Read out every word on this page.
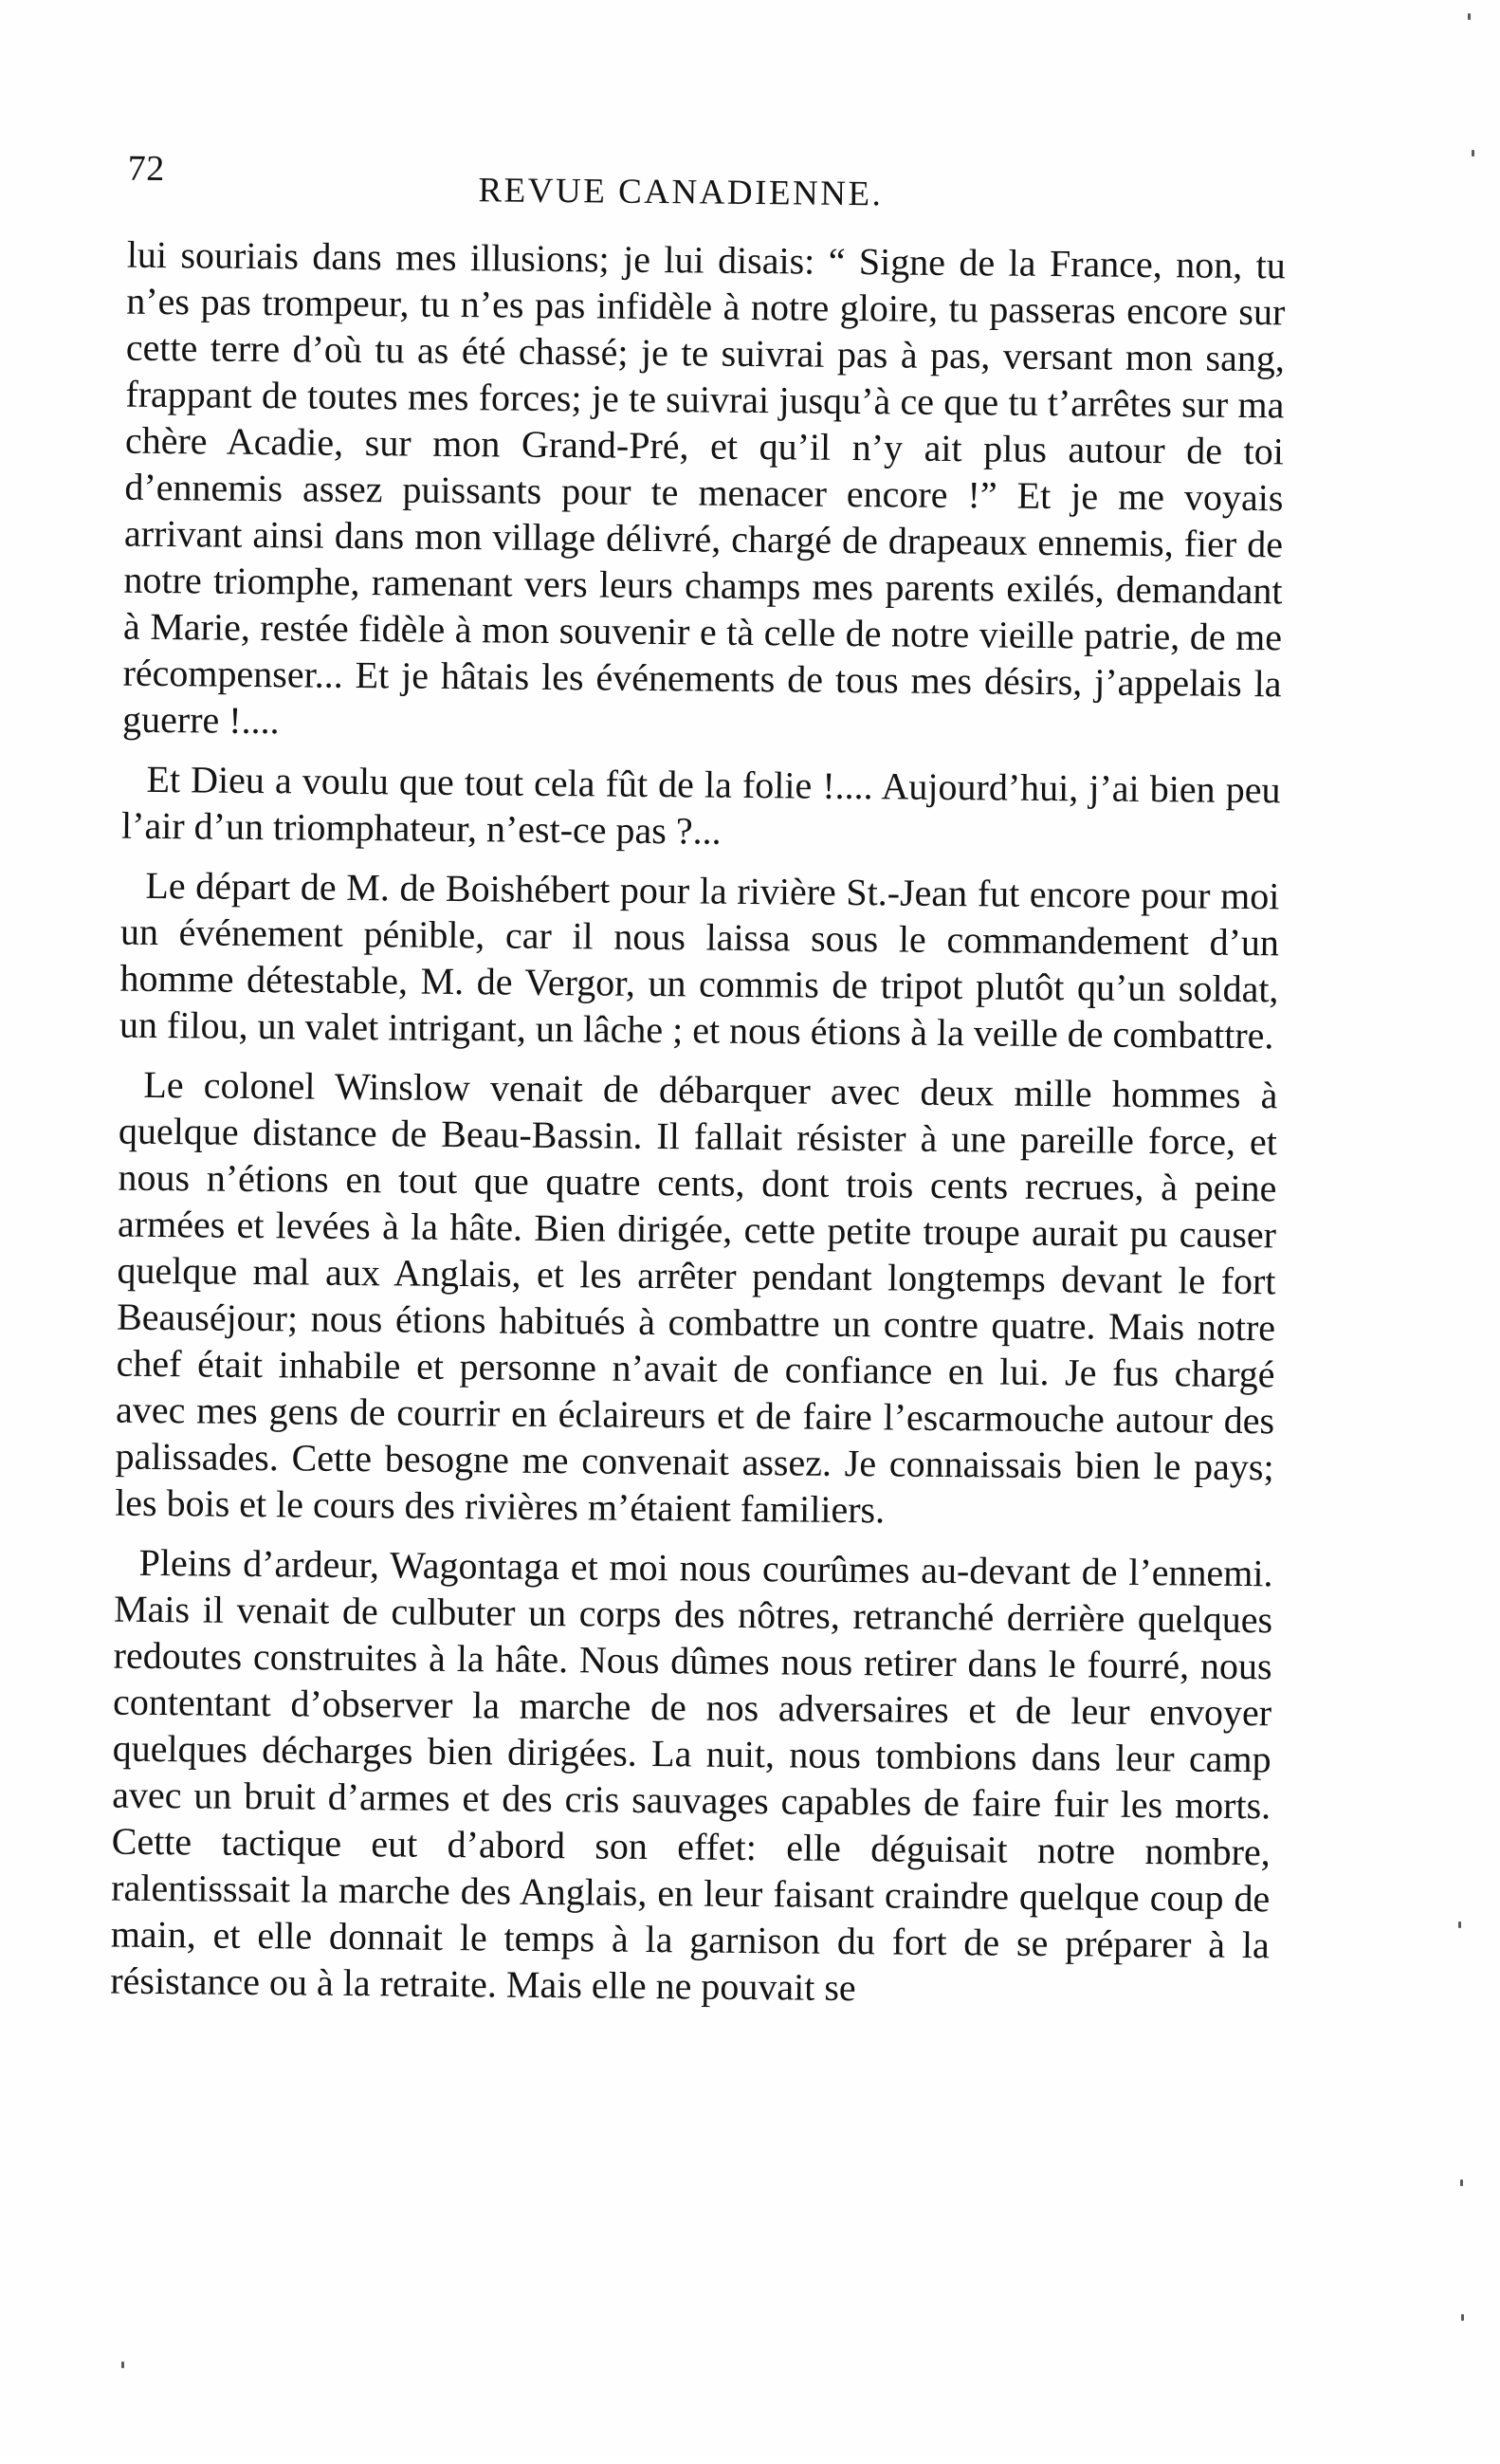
72
REVUE CANADIENNE.

lui souriais dans mes illusions; je lui disais: “ Signe de la France, non, tu n’es pas trompeur, tu n’es pas infidèle à notre gloire, tu passeras encore sur cette terre d’où tu as été chassé; je te suivrai pas à pas, versant mon sang, frappant de toutes mes forces; je te suivrai jusqu’à ce que tu t’arrêtes sur ma chère Acadie, sur mon Grand-Pré, et qu’il n’y ait plus autour de toi d’ennemis assez puissants pour te menacer encore !” Et je me voyais arrivant ainsi dans mon village délivré, chargé de drapeaux ennemis, fier de notre triomphe, ramenant vers leurs champs mes parents exilés, demandant à Marie, restée fidèle à mon souvenir e tà celle de notre vieille patrie, de me récompenser... Et je hâtais les événements de tous mes désirs, j’appelais la guerre !....

Et Dieu a voulu que tout cela fût de la folie !.... Aujourd’hui, j’ai bien peu l’air d’un triomphateur, n’est-ce pas ?...

Le départ de M. de Boishébert pour la rivière St.-Jean fut encore pour moi un événement pénible, car il nous laissa sous le commandement d’un homme détestable, M. de Vergor, un commis de tripot plutôt qu’un soldat, un filou, un valet intrigant, un lâche ; et nous étions à la veille de combattre.

Le colonel Winslow venait de débarquer avec deux mille hommes à quelque distance de Beau-Bassin. Il fallait résister à une pareille force, et nous n’étions en tout que quatre cents, dont trois cents recrues, à peine armées et levées à la hâte. Bien dirigée, cette petite troupe aurait pu causer quelque mal aux Anglais, et les arrêter pendant longtemps devant le fort Beauséjour; nous étions habitués à combattre un contre quatre. Mais notre chef était inhabile et personne n’avait de confiance en lui. Je fus chargé avec mes gens de courrir en éclaireurs et de faire l’escarmouche autour des palissades. Cette besogne me convenait assez. Je connaissais bien le pays; les bois et le cours des rivières m’étaient familiers.

Pleins d’ardeur, Wagontaga et moi nous courûmes au-devant de l’ennemi. Mais il venait de culbuter un corps des nôtres, retranché derrière quelques redoutes construites à la hâte. Nous dûmes nous retirer dans le fourré, nous contentant d’observer la marche de nos adversaires et de leur envoyer quelques décharges bien dirigées. La nuit, nous tombions dans leur camp avec un bruit d’armes et des cris sauvages capables de faire fuir les morts. Cette tactique eut d’abord son effet: elle déguisait notre nombre, ralentisssait la marche des Anglais, en leur faisant craindre quelque coup de main, et elle donnait le temps à la garnison du fort de se préparer à la résistance ou à la retraite. Mais elle ne pouvait se
